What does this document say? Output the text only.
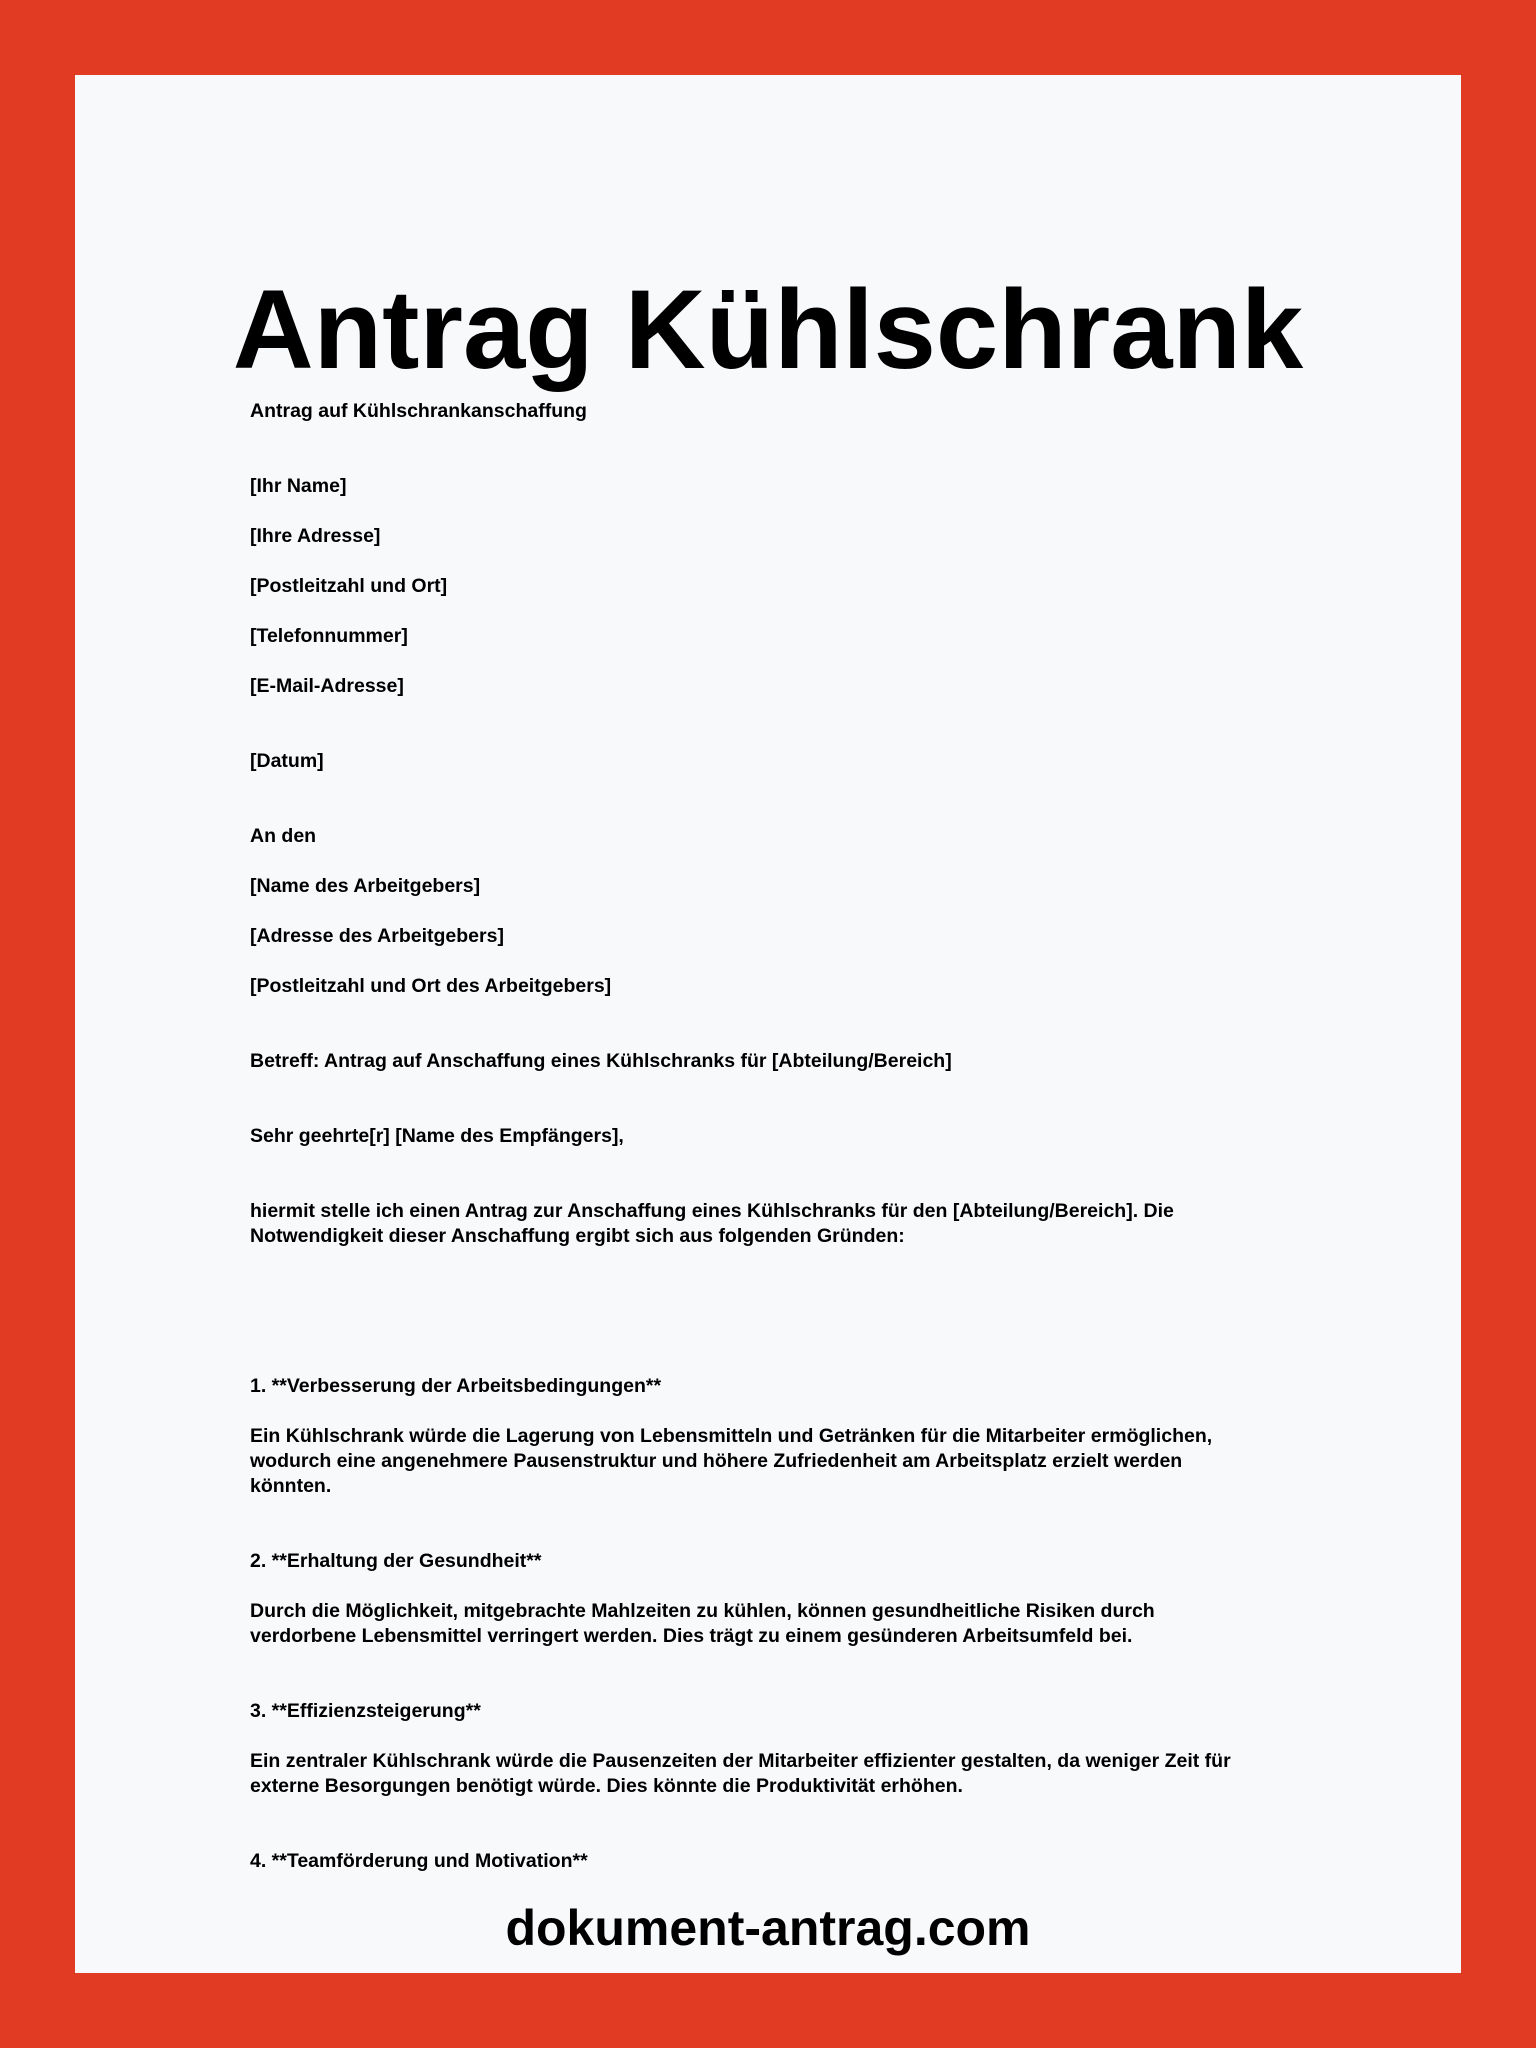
Antrag Kühlschrank
Antrag auf Kühlschrankanschaffung
[Ihr Name]
[Ihre Adresse]
[Postleitzahl und Ort]
[Telefonnummer]
[E-Mail-Adresse]
[Datum]
An den
[Name des Arbeitgebers]
[Adresse des Arbeitgebers]
[Postleitzahl und Ort des Arbeitgebers]
Betreff: Antrag auf Anschaffung eines Kühlschranks für [Abteilung/Bereich]
Sehr geehrte[r] [Name des Empfängers],
hiermit stelle ich einen Antrag zur Anschaffung eines Kühlschranks für den [Abteilung/Bereich]. Die
Notwendigkeit dieser Anschaffung ergibt sich aus folgenden Gründen:
1. **Verbesserung der Arbeitsbedingungen**
Ein Kühlschrank würde die Lagerung von Lebensmitteln und Getränken für die Mitarbeiter ermöglichen,
wodurch eine angenehmere Pausenstruktur und höhere Zufriedenheit am Arbeitsplatz erzielt werden
könnten.
2. **Erhaltung der Gesundheit**
Durch die Möglichkeit, mitgebrachte Mahlzeiten zu kühlen, können gesundheitliche Risiken durch
verdorbene Lebensmittel verringert werden. Dies trägt zu einem gesünderen Arbeitsumfeld bei.
3. **Effizienzsteigerung**
Ein zentraler Kühlschrank würde die Pausenzeiten der Mitarbeiter effizienter gestalten, da weniger Zeit für
externe Besorgungen benötigt würde. Dies könnte die Produktivität erhöhen.
4. **Teamförderung und Motivation**
dokument-antrag.com
